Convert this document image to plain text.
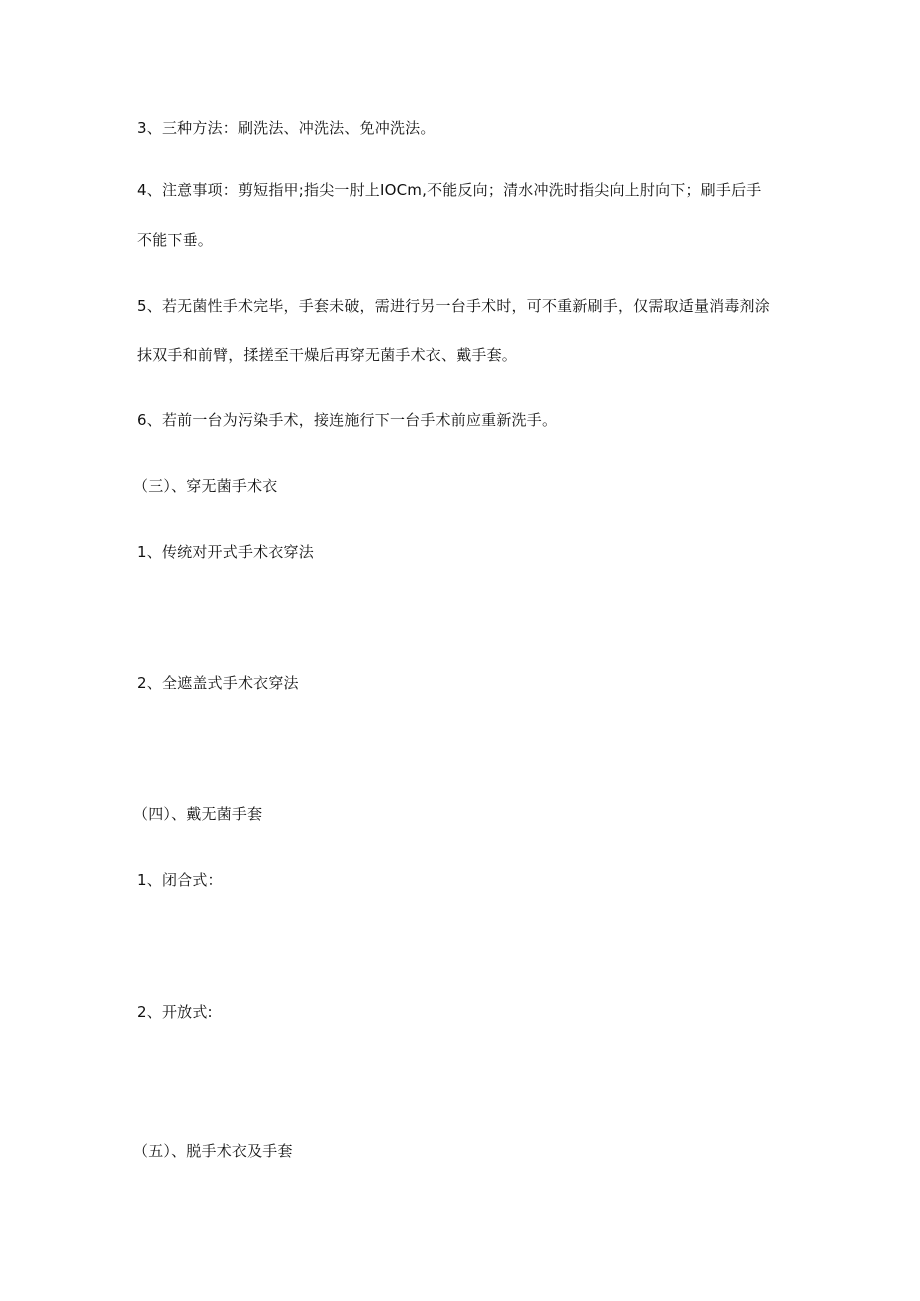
3、三种方法：刷洗法、冲洗法、免冲洗法。
4、注意事项：剪短指甲;指尖一肘上IOCm,不能反向；清水冲洗时指尖向上肘向下；刷手后手
不能下垂。
5、若无菌性手术完毕，手套未破，需进行另一台手术时，可不重新刷手，仅需取适量消毒剂涂
抹双手和前臂，揉搓至干燥后再穿无菌手术衣、戴手套。
6、若前一台为污染手术，接连施行下一台手术前应重新洗手。
（三）、穿无菌手术衣
1、传统对开式手术衣穿法
2、全遮盖式手术衣穿法
（四）、戴无菌手套
1、闭合式：
2、开放式:
（五）、脱手术衣及手套
